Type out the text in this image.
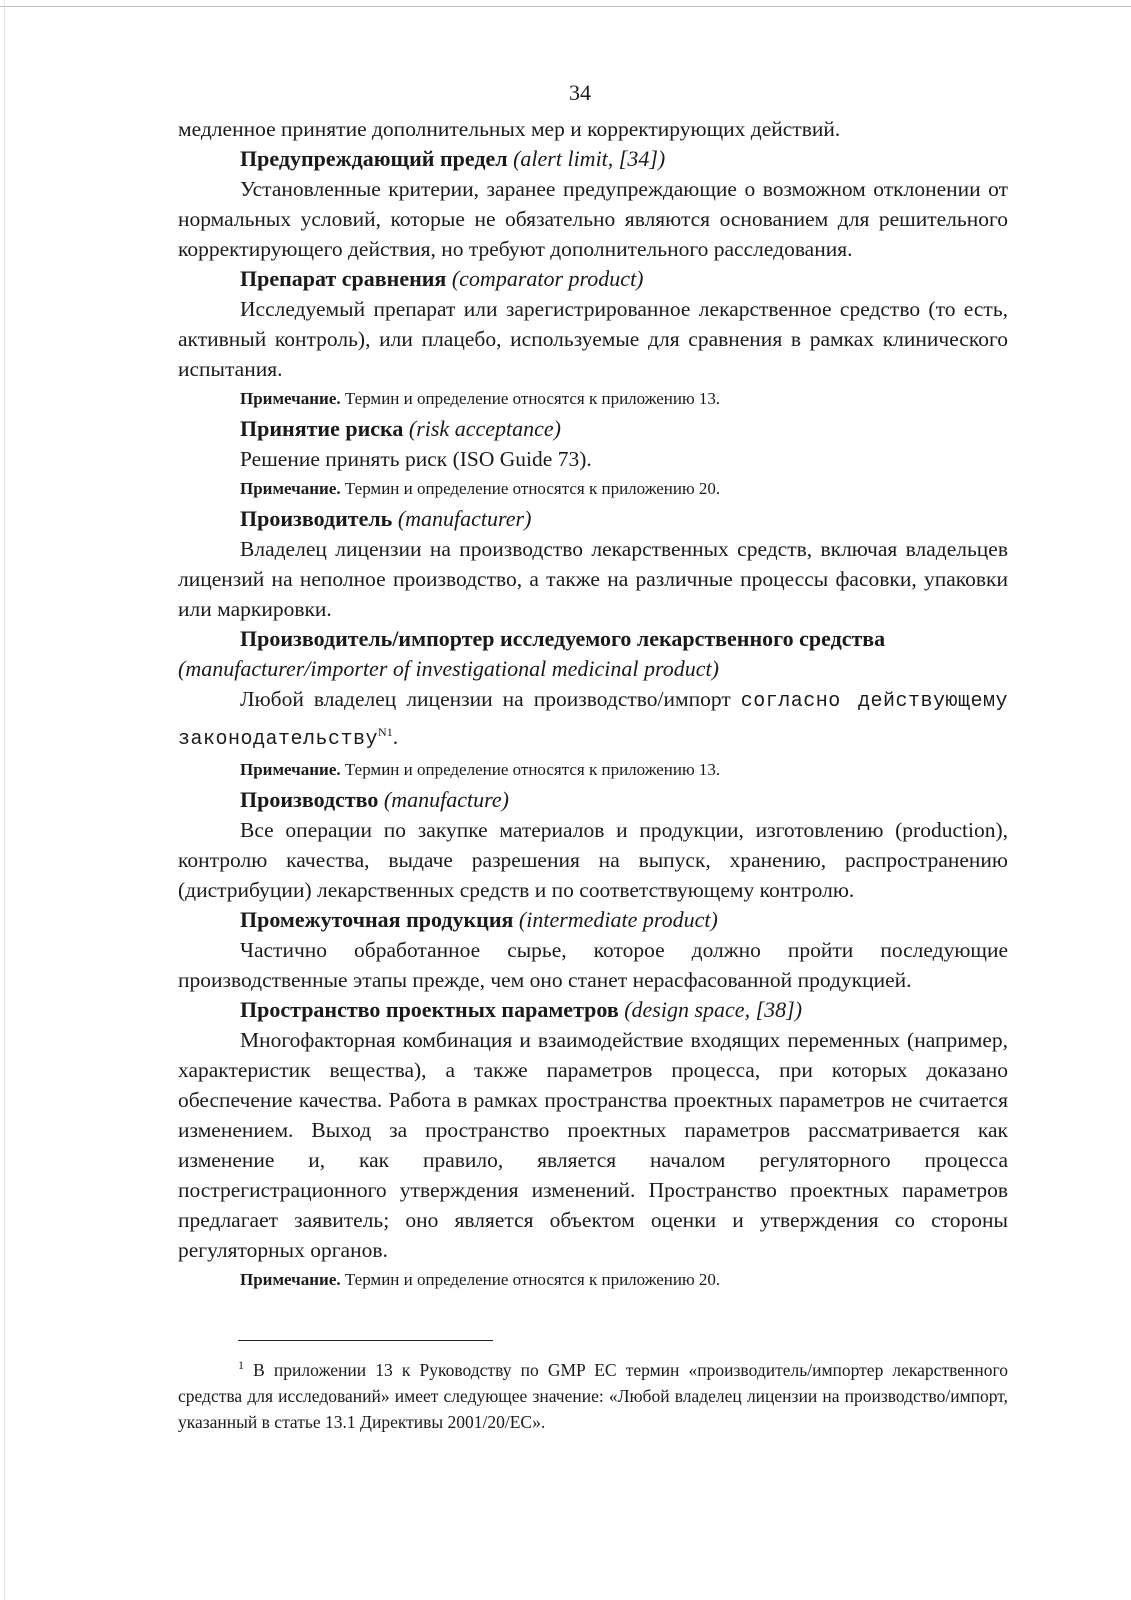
34

медленное принятие дополнительных мер и корректирующих действий.

Предупреждающий предел (alert limit, [34])

Установленные критерии, заранее предупреждающие о возможном отклонении от нормальных условий, которые не обязательно являются основанием для решительного корректирующего действия, но требуют дополнительного расследования.

Препарат сравнения (comparator product)

Исследуемый препарат или зарегистрированное лекарственное средство (то есть, активный контроль), или плацебо, используемые для сравнения в рамках клинического испытания.

Примечание. Термин и определение относятся к приложению 13.

Принятие риска (risk acceptance)

Решение принять риск (ISO Guide 73).

Примечание. Термин и определение относятся к приложению 20.

Производитель (manufacturer)

Владелец лицензии на производство лекарственных средств, включая владельцев лицензий на неполное производство, а также на различные процессы фасовки, упаковки или маркировки.

Производитель/импортер исследуемого лекарственного средства

(manufacturer/importer of investigational medicinal product)

Любой владелец лицензии на производство/импорт согласно действующему законодательству$^{N1}$.

Примечание. Термин и определение относятся к приложению 13.

Производство (manufacture)

Все операции по закупке материалов и продукции, изготовлению (production), контролю качества, выдаче разрешения на выпуск, хранению, распространению (дистрибуции) лекарственных средств и по соответствующему контролю.

Промежуточная продукция (intermediate product)

Частично обработанное сырье, которое должно пройти последующие производственные этапы прежде, чем оно станет нерасфасованной продукцией.

Пространство проектных параметров (design space, [38])

Многофакторная комбинация и взаимодействие входящих переменных (например, характеристик вещества), а также параметров процесса, при которых доказано обеспечение качества. Работа в рамках пространства проектных параметров не считается изменением. Выход за пространство проектных параметров рассматривается как изменение и, как правило, является началом регуляторного процесса пострегистрационного утверждения изменений. Пространство проектных параметров предлагает заявитель; оно является объектом оценки и утверждения со стороны регуляторных органов.

Примечание. Термин и определение относятся к приложению 20.

$^1$ В приложении 13 к Руководству по GMP ЕС термин «производитель/импортер лекарственного средства для исследований» имеет следующее значение: «Любой владелец лицензии на производство/импорт, указанный в статье 13.1 Директивы 2001/20/ЕС».
